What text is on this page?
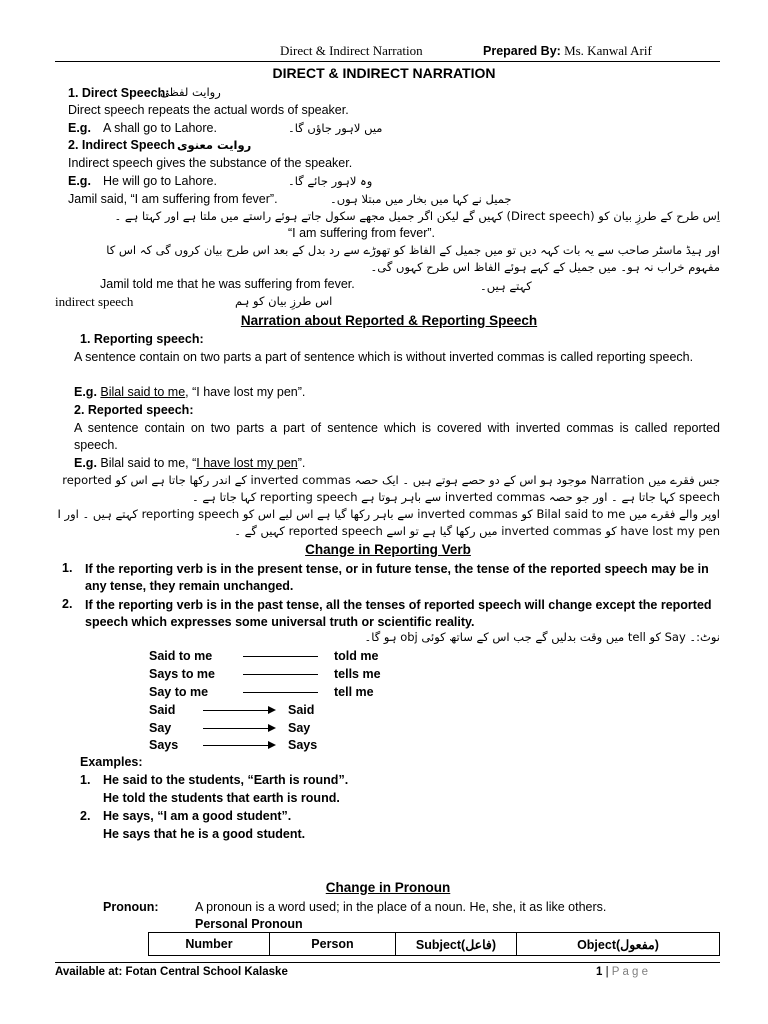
Direct & Indirect Narration	Prepared By: Ms. Kanwal Arif
DIRECT & INDIRECT NARRATION
1. Direct Speech:
روایت لفظی
Direct speech repeats the actual words of speaker.
E.g. A shall go to Lahore.	میں لاہور جاؤں گا۔
2. Indirect Speech روایت معنوی
Indirect speech gives the substance of the speaker.
E.g. He will go to Lahore.	وہ لاہور جائے گا۔
Jamil said, “I am suffering from fever”.	جمیل نے کہا میں بخار میں مبتلا ہوں۔
اِس طرح کے طرزِ بیان کو (Direct speech) کہیں گے لیکن اگر جمیل مجھے سکول جاتے ہوئے راستے میں ملتا ہے اور کہتا ہے ۔
“I am suffering from fever”.
اور ہیڈ ماسٹر صاحب سے یہ بات کہہ دیں تو میں جمیل کے الفاظ کو تھوڑے سے رد بدل کے بعد اس طرح بیان کروں گی کہ اس کا
مفہوم خراب نہ ہو۔ میں جمیل کے کہے ہوئے الفاظ اس طرح کہوں گی۔
Jamil told me that he was suffering from fever.	کہتے ہیں۔
indirect speech	اس طرزِ بیان کو ہم
Narration about Reported & Reporting Speech
1. Reporting speech:
A sentence contain on two parts a part of sentence which is without inverted commas is called reporting speech.
E.g. Bilal said to me, “I have lost my pen”.
2. Reported speech:
A sentence contain on two parts a part of sentence which is covered with inverted commas is called reported speech.
E.g. Bilal said to me, “I have lost my pen”.
جس فقرے میں Narration موجود ہو اس کے دو حصے ہوتے ہیں ۔ ایک حصہ inverted commas کے اندر رکھا جاتا ہے اس کو reported
speech کہا جاتا ہے ۔ اور جو حصہ inverted commas سے باہر ہوتا ہے reporting speech کہا جاتا ہے ۔
اوپر والے فقرے میں Bilal said to me کو inverted commas سے باہر رکھا گیا ہے اس لیے اس کو reporting speech کہتے ہیں ۔ اور I
have lost my pen کو inverted commas میں رکھا گیا ہے تو اسے reported speech کہیں گے ۔
Change in Reporting Verb
1. If the reporting verb is in the present tense, or in future tense, the tense of the reported speech may be in any tense, they remain unchanged.
2. If the reporting verb is in the past tense, all the tenses of reported speech will change except the reported speech which expresses some universal truth or scientific reality.
نوٹ:۔ Say کو tell میں وقت بدلیں گے جب اس کے ساتھ کوئی obj ہو گا۔
Said to me	told me
Says to me	tells me
Say to me	tell me
Said	Said
Say	Say
Says	Says
Examples:
1. He said to the students, “Earth is round”.
He told the students that earth is round.
2. He says, “I am a good student”.
He says that he is a good student.
Change in Pronoun
Pronoun:	A pronoun is a word used; in the place of a noun. He, she, it as like others.
Personal Pronoun
Number	Person	Subject(فاعل)	Object(مفعول)
Available at: Fotan Central School Kalaske	1 | P a g e
